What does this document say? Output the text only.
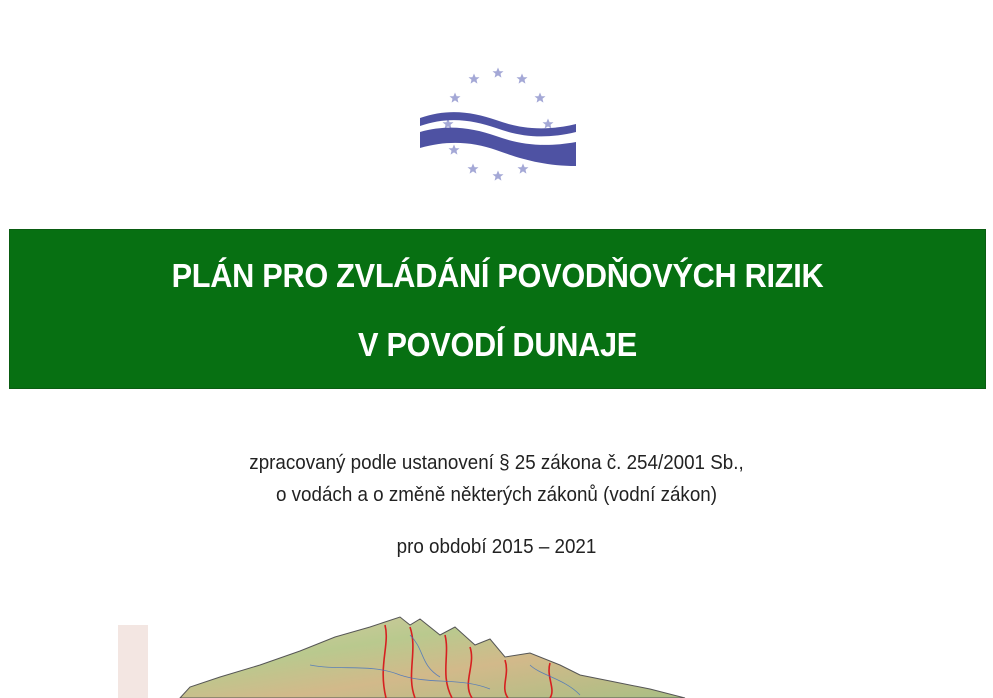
PLÁN PRO ZVLÁDÁNÍ POVODŇOVÝCH RIZIK
V POVODÍ DUNAJE
zpracovaný podle ustanovení § 25 zákona č. 254/2001 Sb.,
o vodách a o změně některých zákonů (vodní zákon)
pro období 2015 – 2021
